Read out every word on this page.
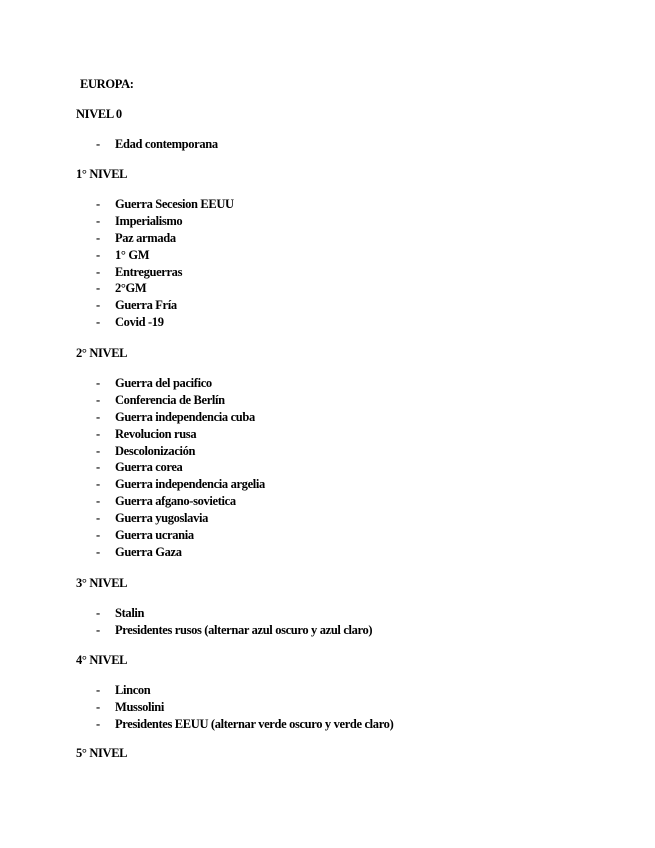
EUROPA:
NIVEL 0
- Edad contemporana
1° NIVEL
- Guerra Secesion EEUU
- Imperialismo
- Paz armada
- 1° GM
- Entreguerras
- 2°GM
- Guerra Fría
- Covid -19
2° NIVEL
- Guerra del pacifico
- Conferencia de Berlín
- Guerra independencia cuba
- Revolucion rusa
- Descolonización
- Guerra corea
- Guerra independencia argelia
- Guerra afgano-sovietica
- Guerra yugoslavia
- Guerra ucrania
- Guerra Gaza
3° NIVEL
- Stalin
- Presidentes rusos (alternar azul oscuro y azul claro)
4° NIVEL
- Lincon
- Mussolini
- Presidentes EEUU (alternar verde oscuro y verde claro)
5° NIVEL
